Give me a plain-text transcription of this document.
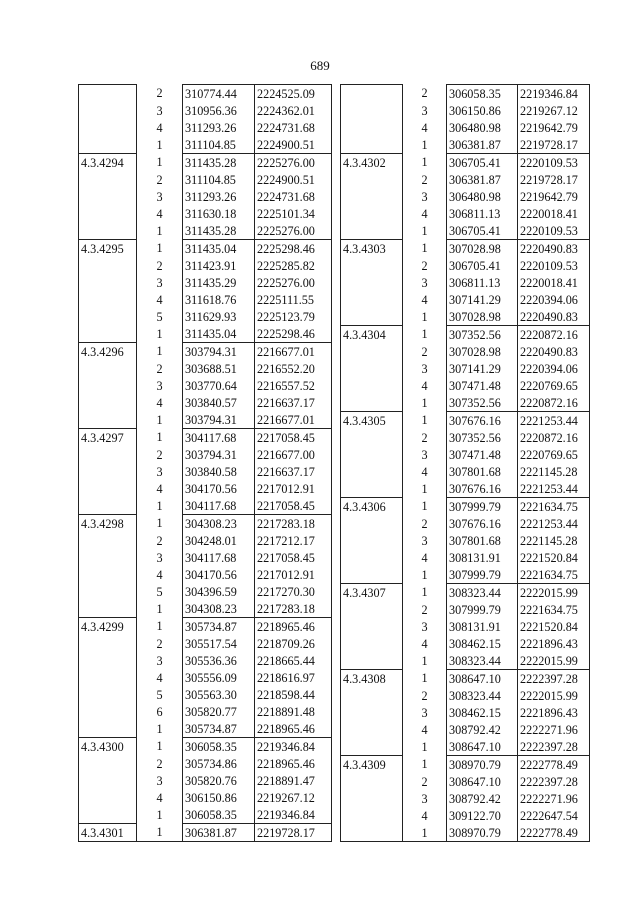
689
	2	310774.44	2224525.09
	3	310956.36	2224362.01
	4	311293.26	2224731.68
	1	311104.85	2224900.51
4.3.4294	1	311435.28	2225276.00
	2	311104.85	2224900.51
	3	311293.26	2224731.68
	4	311630.18	2225101.34
	1	311435.28	2225276.00
4.3.4295	1	311435.04	2225298.46
	2	311423.91	2225285.82
	3	311435.29	2225276.00
	4	311618.76	2225111.55
	5	311629.93	2225123.79
	1	311435.04	2225298.46
4.3.4296	1	303794.31	2216677.01
	2	303688.51	2216552.20
	3	303770.64	2216557.52
	4	303840.57	2216637.17
	1	303794.31	2216677.01
4.3.4297	1	304117.68	2217058.45
	2	303794.31	2216677.00
	3	303840.58	2216637.17
	4	304170.56	2217012.91
	1	304117.68	2217058.45
4.3.4298	1	304308.23	2217283.18
	2	304248.01	2217212.17
	3	304117.68	2217058.45
	4	304170.56	2217012.91
	5	304396.59	2217270.30
	1	304308.23	2217283.18
4.3.4299	1	305734.87	2218965.46
	2	305517.54	2218709.26
	3	305536.36	2218665.44
	4	305556.09	2218616.97
	5	305563.30	2218598.44
	6	305820.77	2218891.48
	1	305734.87	2218965.46
4.3.4300	1	306058.35	2219346.84
	2	305734.86	2218965.46
	3	305820.76	2218891.47
	4	306150.86	2219267.12
	1	306058.35	2219346.84
4.3.4301	1	306381.87	2219728.17
	2	306058.35	2219346.84
	3	306150.86	2219267.12
	4	306480.98	2219642.79
	1	306381.87	2219728.17
4.3.4302	1	306705.41	2220109.53
	2	306381.87	2219728.17
	3	306480.98	2219642.79
	4	306811.13	2220018.41
	1	306705.41	2220109.53
4.3.4303	1	307028.98	2220490.83
	2	306705.41	2220109.53
	3	306811.13	2220018.41
	4	307141.29	2220394.06
	1	307028.98	2220490.83
4.3.4304	1	307352.56	2220872.16
	2	307028.98	2220490.83
	3	307141.29	2220394.06
	4	307471.48	2220769.65
	1	307352.56	2220872.16
4.3.4305	1	307676.16	2221253.44
	2	307352.56	2220872.16
	3	307471.48	2220769.65
	4	307801.68	2221145.28
	1	307676.16	2221253.44
4.3.4306	1	307999.79	2221634.75
	2	307676.16	2221253.44
	3	307801.68	2221145.28
	4	308131.91	2221520.84
	1	307999.79	2221634.75
4.3.4307	1	308323.44	2222015.99
	2	307999.79	2221634.75
	3	308131.91	2221520.84
	4	308462.15	2221896.43
	1	308323.44	2222015.99
4.3.4308	1	308647.10	2222397.28
	2	308323.44	2222015.99
	3	308462.15	2221896.43
	4	308792.42	2222271.96
	1	308647.10	2222397.28
4.3.4309	1	308970.79	2222778.49
	2	308647.10	2222397.28
	3	308792.42	2222271.96
	4	309122.70	2222647.54
	1	308970.79	2222778.49
